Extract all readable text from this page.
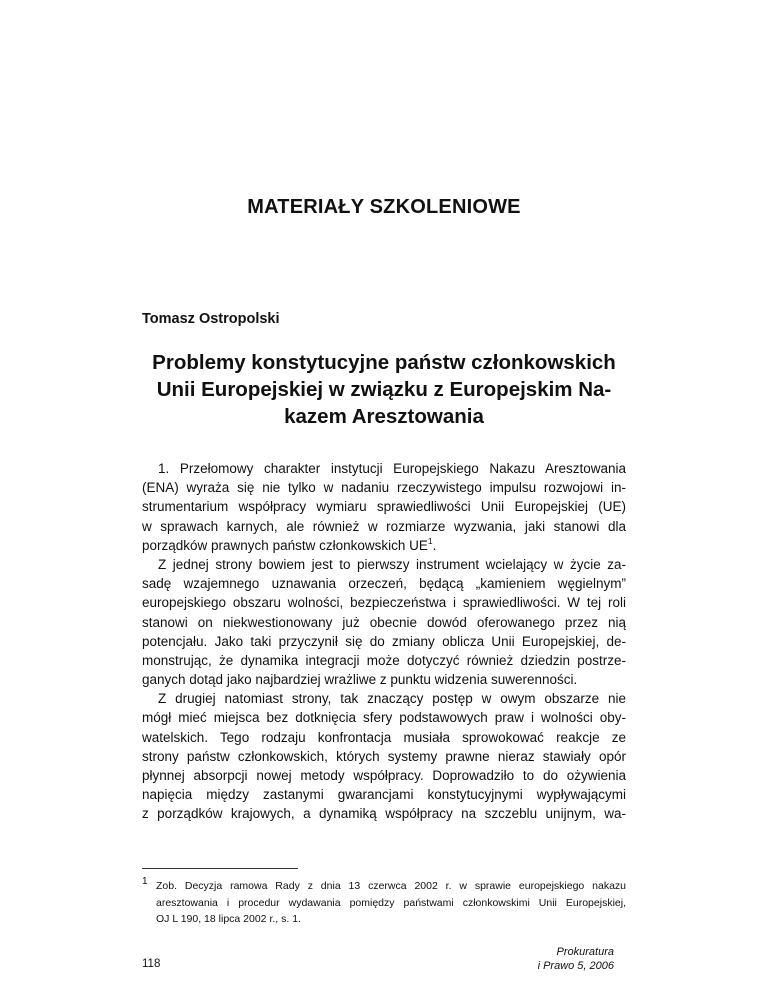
MATERIAŁY SZKOLENIOWE
Tomasz Ostropolski
Problemy konstytucyjne państw członkowskich
Unii Europejskiej w związku z Europejskim Na-
kazem Aresztowania
1. Przełomowy charakter instytucji Europejskiego Nakazu Aresztowania
(ENA) wyraża się nie tylko w nadaniu rzeczywistego impulsu rozwojowi in-
strumentarium współpracy wymiaru sprawiedliwości Unii Europejskiej (UE)
w sprawach karnych, ale również w rozmiarze wyzwania, jaki stanowi dla
porządków prawnych państw członkowskich UE$^1$.
Z jednej strony bowiem jest to pierwszy instrument wcielający w życie za-
sadę wzajemnego uznawania orzeczeń, będącą „kamieniem węgielnym”
europejskiego obszaru wolności, bezpieczeństwa i sprawiedliwości. W tej roli
stanowi on niekwestionowany już obecnie dowód oferowanego przez nią
potencjału. Jako taki przyczynił się do zmiany oblicza Unii Europejskiej, de-
monstrując, że dynamika integracji może dotyczyć również dziedzin postrze-
ganych dotąd jako najbardziej wrażliwe z punktu widzenia suwerenności.
Z drugiej natomiast strony, tak znaczący postęp w owym obszarze nie
mógł mieć miejsca bez dotknięcia sfery podstawowych praw i wolności oby-
watelskich. Tego rodzaju konfrontacja musiała sprowokować reakcje ze
strony państw członkowskich, których systemy prawne nieraz stawiały opór
płynnej absorpcji nowej metody współpracy. Doprowadziło to do ożywienia
napięcia między zastanymi gwarancjami konstytucyjnymi wypływającymi
z porządków krajowych, a dynamiką współpracy na szczeblu unijnym, wa-
1 Zob. Decyzja ramowa Rady z dnia 13 czerwca 2002 r. w sprawie europejskiego nakazu
aresztowania i procedur wydawania pomiędzy państwami członkowskimi Unii Europejskiej,
OJ L 190, 18 lipca 2002 r., s. 1.
118
Prokuratura
i Prawo 5, 2006
